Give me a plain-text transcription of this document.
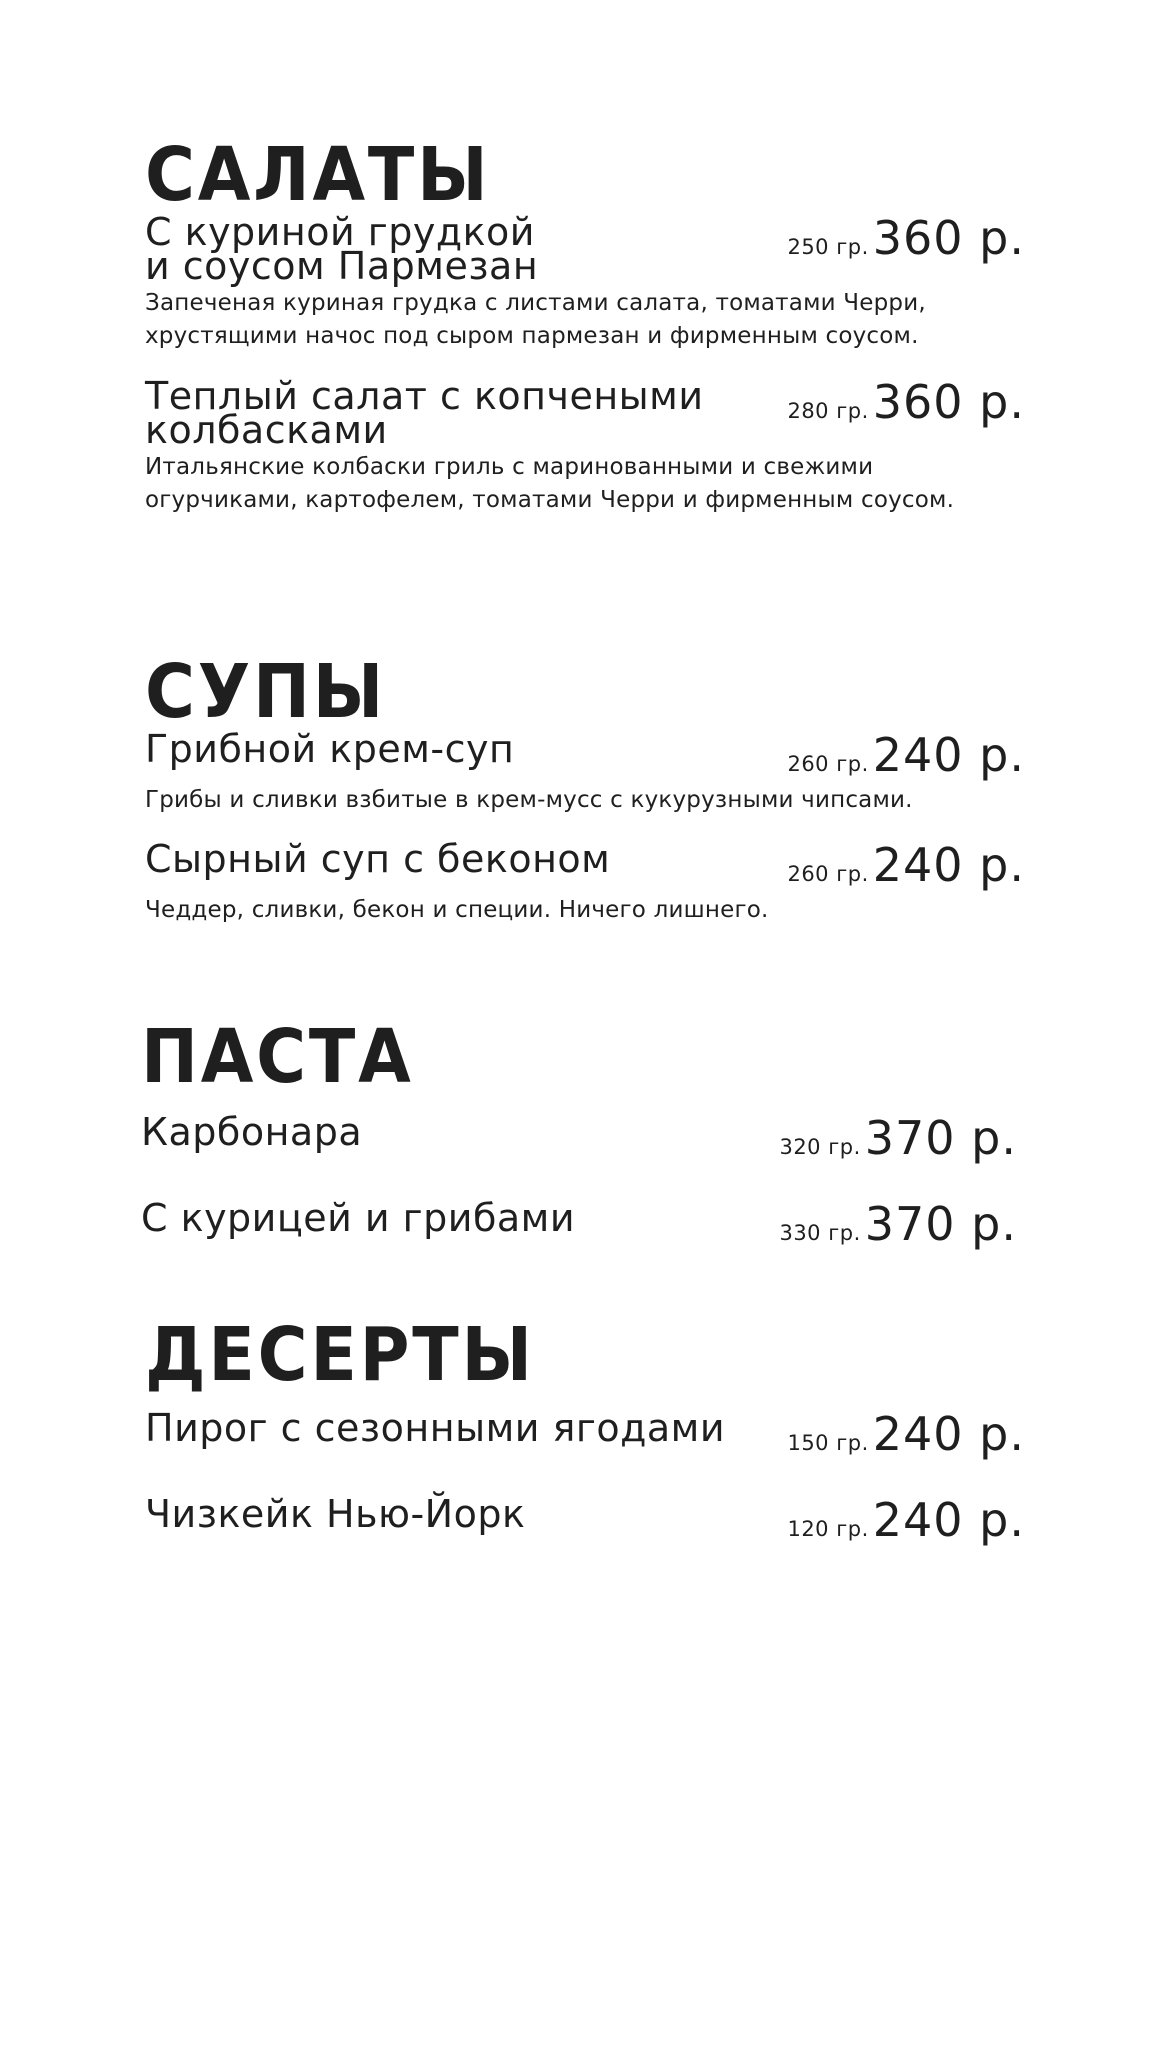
САЛАТЫ
С куриной грудкой
и соусом Пармезан	250 гр. 360 р.
Запеченая куриная грудка с листами салата, томатами Черри,
хрустящими начос под сыром пармезан и фирменным соусом.
Теплый салат с копчеными
колбасками	280 гр. 360 р.
Итальянские колбаски гриль с маринованными и свежими
огурчиками, картофелем, томатами Черри и фирменным соусом.
СУПЫ
Грибной крем-суп	260 гр. 240 р.
Грибы и сливки взбитые в крем-мусс с кукурузными чипсами.
Сырный суп с беконом	260 гр. 240 р.
Чеддер, сливки, бекон и специи. Ничего лишнего.
ПАСТА
Карбонара	320 гр. 370 р.
С курицей и грибами	330 гр. 370 р.
ДЕСЕРТЫ
Пирог с сезонными ягодами	150 гр. 240 р.
Чизкейк Нью-Йорк	120 гр. 240 р.
